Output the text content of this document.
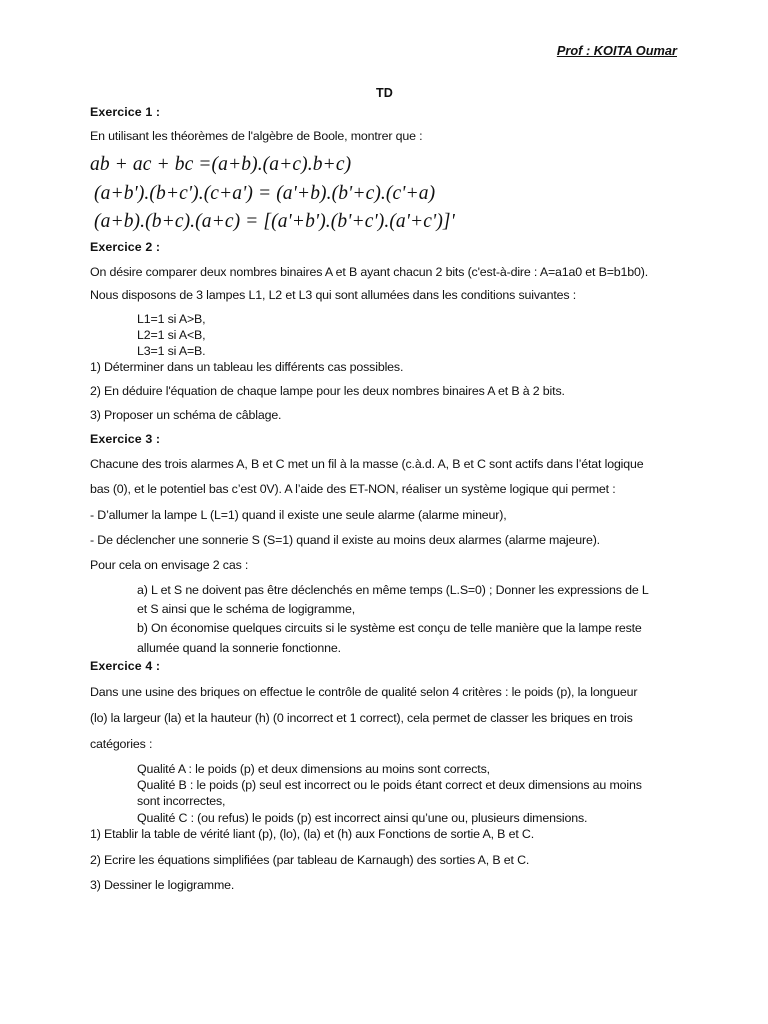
Prof : KOITA Oumar
TD
Exercice 1 :
En utilisant les théorèmes de l'algèbre de Boole, montrer que :
ab + ac + bc =(a+b).(a+c).b+c)
(a+b').(b+c').(c+a') = (a'+b).(b'+c).(c'+a)
(a+b).(b+c).(a+c) = [(a'+b').(b'+c').(a'+c')]'
Exercice 2 :
On désire comparer deux nombres binaires A et B ayant chacun 2 bits (c'est-à-dire : A=a1a0 et B=b1b0).
Nous disposons de 3 lampes L1, L2 et L3 qui sont allumées dans les conditions suivantes :
L1=1 si A>B,
L2=1 si A<B,
L3=1 si A=B.
1) Déterminer dans un tableau les différents cas possibles.
2) En déduire l'équation de chaque lampe pour les deux nombres binaires A et B à 2 bits.
3) Proposer un schéma de câblage.
Exercice 3 :
Chacune des trois alarmes A, B et C met un fil à la masse (c.à.d. A, B et C sont actifs dans l’état logique
bas (0), et le potentiel bas c’est 0V). A l’aide des ET-NON, réaliser un système logique qui permet :
- D’allumer la lampe L (L=1) quand il existe une seule alarme (alarme mineur),
- De déclencher une sonnerie S (S=1) quand il existe au moins deux alarmes (alarme majeure).
Pour cela on envisage 2 cas :
a) L et S ne doivent pas être déclenchés en même temps (L.S=0) ; Donner les expressions de L
et S ainsi que le schéma de logigramme,
b) On économise quelques circuits si le système est conçu de telle manière que la lampe reste
allumée quand la sonnerie fonctionne.
Exercice 4 :
Dans une usine des briques on effectue le contrôle de qualité selon 4 critères : le poids (p), la longueur
(lo) la largeur (la) et la hauteur (h) (0 incorrect et 1 correct), cela permet de classer les briques en trois
catégories :
Qualité A : le poids (p) et deux dimensions au moins sont corrects,
Qualité B : le poids (p) seul est incorrect ou le poids étant correct et deux dimensions au moins
sont incorrectes,
Qualité C : (ou refus) le poids (p) est incorrect ainsi qu’une ou, plusieurs dimensions.
1) Etablir la table de vérité liant (p), (lo), (la) et (h) aux Fonctions de sortie A, B et C.
2) Ecrire les équations simplifiées (par tableau de Karnaugh) des sorties A, B et C.
3) Dessiner le logigramme.
